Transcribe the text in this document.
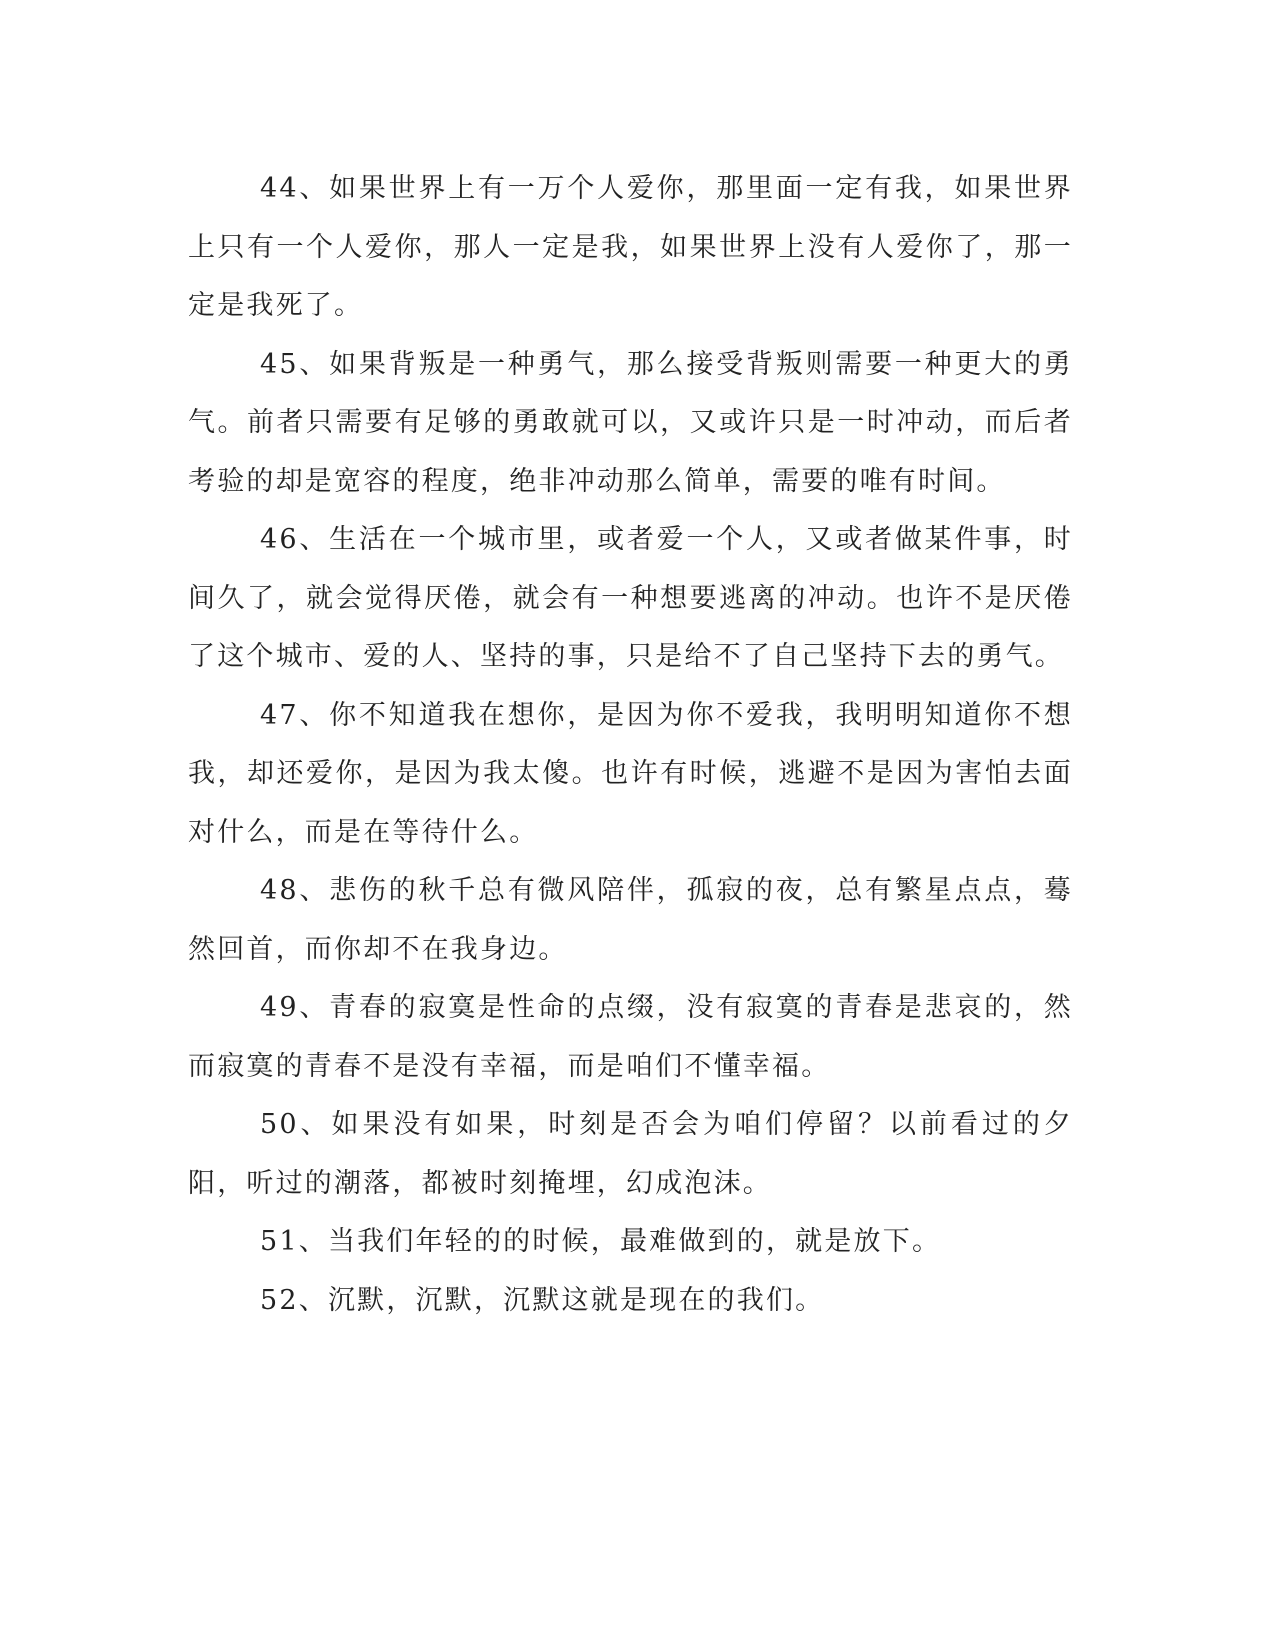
44、如果世界上有一万个人爱你，那里面一定有我，如果世界上只有一个人爱你，那人一定是我，如果世界上没有人爱你了，那一定是我死了。

45、如果背叛是一种勇气，那么接受背叛则需要一种更大的勇气。前者只需要有足够的勇敢就可以，又或许只是一时冲动，而后者考验的却是宽容的程度，绝非冲动那么简单，需要的唯有时间。

46、生活在一个城市里，或者爱一个人，又或者做某件事，时间久了，就会觉得厌倦，就会有一种想要逃离的冲动。也许不是厌倦了这个城市、爱的人、坚持的事，只是给不了自己坚持下去的勇气。

47、你不知道我在想你，是因为你不爱我，我明明知道你不想我，却还爱你，是因为我太傻。也许有时候，逃避不是因为害怕去面对什么，而是在等待什么。

48、悲伤的秋千总有微风陪伴，孤寂的夜，总有繁星点点，蓦然回首，而你却不在我身边。

49、青春的寂寞是性命的点缀，没有寂寞的青春是悲哀的，然而寂寞的青春不是没有幸福，而是咱们不懂幸福。

50、如果没有如果，时刻是否会为咱们停留？以前看过的夕阳，听过的潮落，都被时刻掩埋，幻成泡沫。

51、当我们年轻的的时候，最难做到的，就是放下。

52、沉默，沉默，沉默这就是现在的我们。
